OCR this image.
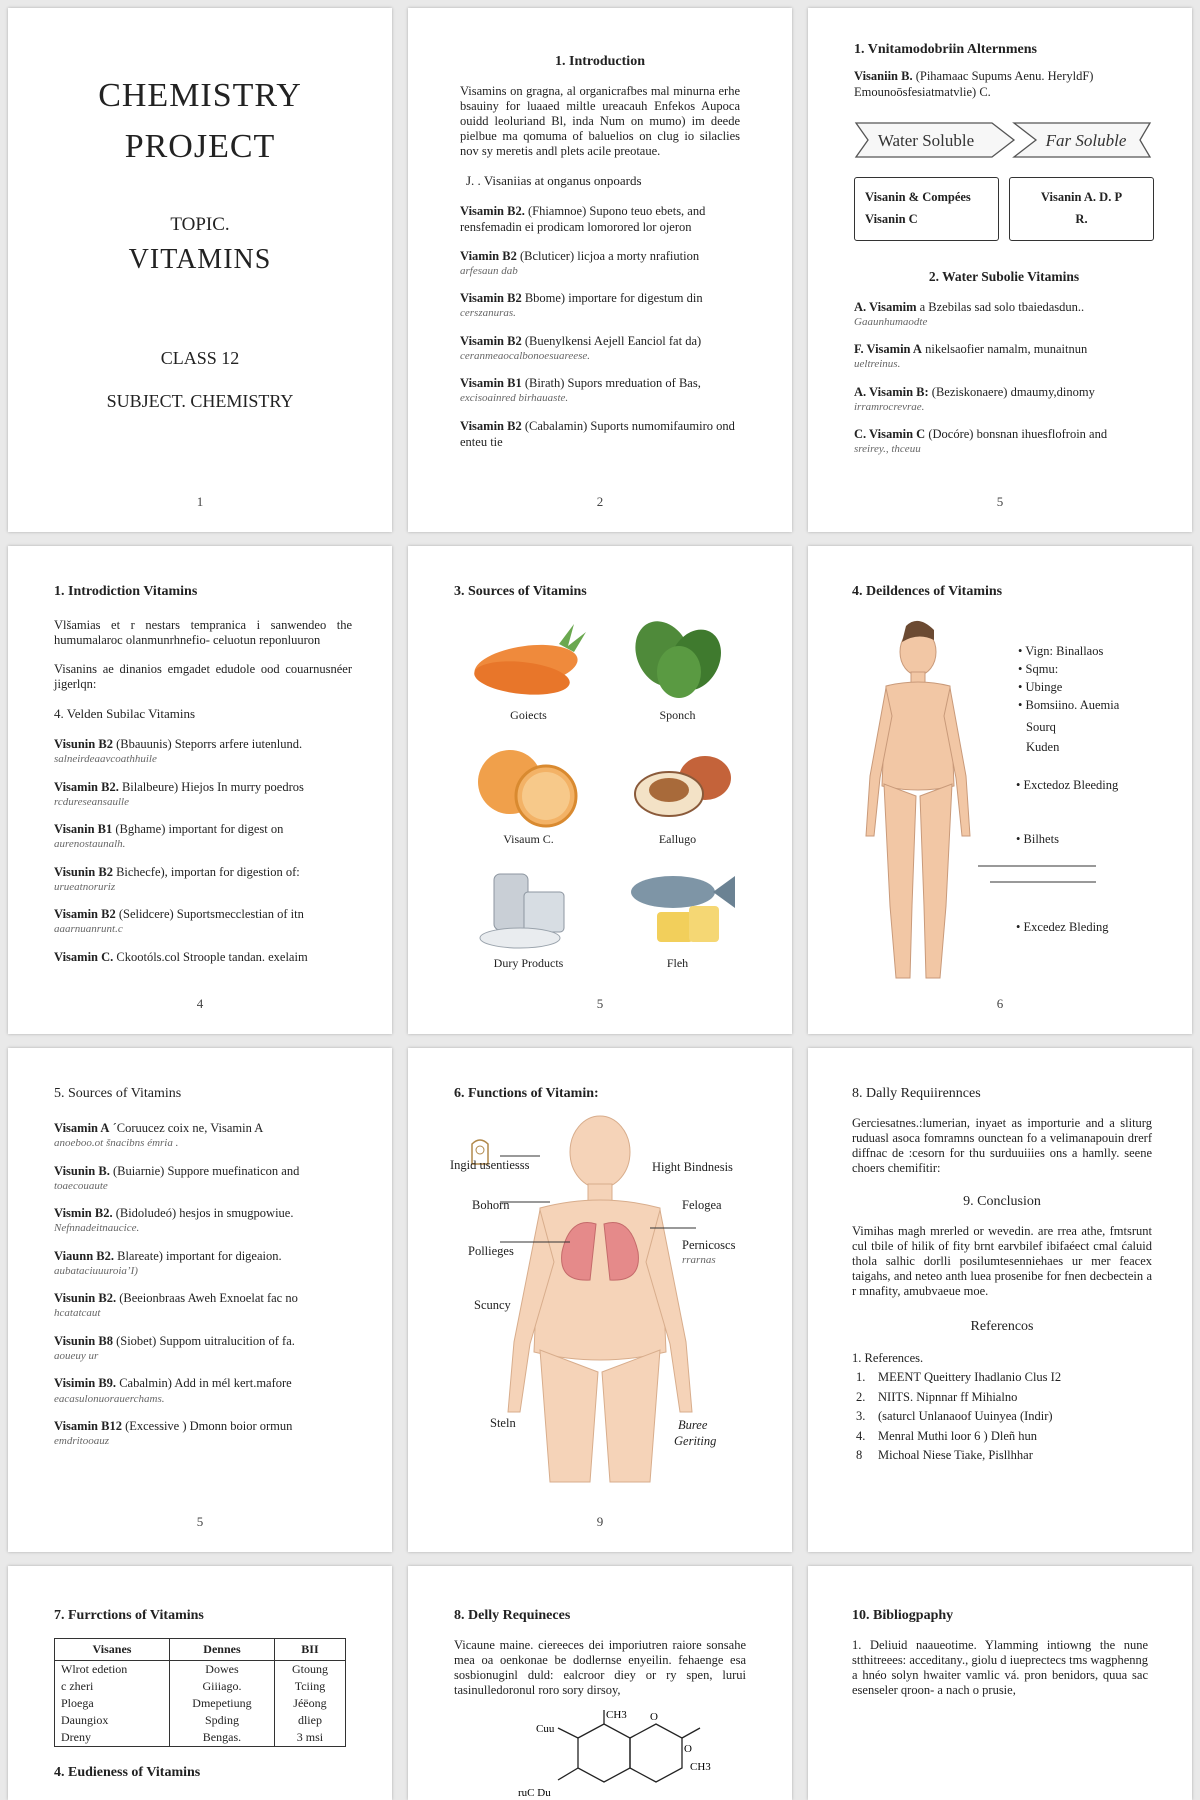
CHEMISTRY
PROJECT
TOPIC.
VITAMINS
CLASS 12
SUBJECT. CHEMISTRY
1
1. Introduction
Visamins on gragna, al organicrafbes mal minurna erhe bsauiny for luaaed miltle ureacauh Enfekos Aupoca ouidd leoluriand Bl, inda Num on mumo) im deede pielbue ma qomuma of baluelios on clug io silaclies nov sy meretis andl plets acile preotaue.
J. . Visaniias at onganus onpoards
Visamin B2. (Fhiamnoe) Supono teuo ebets, and rensfemadin ei prodicam lomorored lor ojeron
Viamin B2 (Bcluticer) licjoa a morty nrafiution
arfesaun dab
Visamin B2 Bbome) importare for digestum din
cerszanuras.
Visamin B2 (Buenylkensi Aejell Eanciol fat da)
ceranmeaocalbonoesuareese.
Visamin B1 (Birath) Supors mreduation of Bas,
excisoainred birhauaste.
Visamin B2 (Cabalamin) Suports numomifaumiro ond enteu tie
2
1. Vnitamodobriin Alternmens
Visaniin B. (Pihamaac Supums Aenu. HeryldF) Emounoōsfesiatmatvlie) C.
Water Soluble	Far Soluble
Visanin & Compées
Visanin C
Visanin A. D. P
R.
2. Water Subolie Vitamins
A. Visamim a Bzebilas sad solo tbaiedasdun..
Gaaunhumaodte
F. Visamin A nikelsaofier namalm, munaitnun
ueltreinus.
A. Visamin B: (Beziskonaere) dmaumy,dinomy
irramrocrevrae.
C. Visamin C (Docóre) bonsnan ihuesflofroin and
sreirey., thceuu
5
1. Introdiction Vitamins
Vlšamias et r nestars tempranica i sanwendeo the humumalaroc olanmunrhnefio- celuotun reponluuron
Visanins ae dinanios emgadet edudole ood couarnusnéer jigerlqn:
4. Velden Subilac Vitamins
Visunin B2 (Bbauunis) Steporrs arfere iutenlund.
salneirdeaavcoathhuile
Visamin B2. Bilalbeure) Hiejos In murry poedros
rcdureseansaulle
Visanin B1 (Bghame) important for digest on
aurenostaunalh.
Visunin B2 Bichecfe), importan for digestion of:
urueatnoruriz
Visamin B2 (Selidcere) Suportsmecclestian of itn
aaarnuanrunt.c
Visamin C. Ckootóls.col Stroople tandan. exelaim
4
3. Sources of Vitamins
Goiects	Sponch
Visaum C.	Eallugo
Dury Products	Fleh
5
4. Deildences of Vitamins
• Vign: Binallaos
• Sqmu:
• Ubinge
• Bomsiino. Auemia
Sourq
Kuden
• Exctedoz Bleeding
• Bilhets
• Excedez Bleding
6
5. Sources of Vitamins
Visamin A ´Coruucez coix ne, Visamin A
anoeboo.ot šnacibns émria .
Visunin B. (Buiarnie) Suppore muefinaticon and
toaecouaute
Vismin B2. (Bidoludeó) hesjos in smugpowiue.
Nefnnadeitnaucice.
Viaunn B2. Blareate) important for digeaion.
aubataciuuuroiaʼI)
Visunin B2. (Beeionbraas Aweh Exnoelat fac no
hcatatcaut
Visunin B8 (Siobet) Suppom uitralucition of fa.
aoueuy ur
Visimin B9. Cabalmin) Add in mél kert.mafore
eacasulonuorauerchams.
Visamin B12 (Excessive ) Dmonn boior ormun
emdritooauz
5
6. Functions of Vitamin:
Ingid usentiesss
Bohorn
Pollieges
Scuncy
Steln
Hight Bindnesis
Felogea
Pernicoscs
rrarnas
Buree
Geriting
9
8. Dally Requiirennces
Gerciesatnes.:lumerian, inyaet as importurie and a sliturg ruduasl asoca fomramns ounctean fo a velimanapouin drerf diffnac de :cesorn for thu surduuiiies ons a hamlly. seene choers chemifitir:
9. Conclusion
Vimihas magh mrerled or wevedin. are rrea athe, fmtsrunt cul tbile of hilik of fity brnt earvbilef ibifaéect cmal ćaluid thola salhic dorlli posilumtesenniehaes ur mer feacex taigahs, and neteo anth luea prosenibe for fnen decbectein a r mnafity, amubvaeue moe.
Referencos
1. References.
1. MEENT Queittery Ihadlanio Clus I2
2. NIITS. Nipnnar ff Mihialno
3. (saturcl Unlanaoof Uuinyea (Indir)
4. Menral Muthi loor 6 ) Dleñ hun
8 Michoal Niese Tiake, Pisllhhar
7. Furrctions of Vitamins
Visanes	Dennes	BII
Wlrot edetion	Dowes	Gtoung
c zheri	Giiiago.	Tciing
Ploega	Dmepetiung	Jéëong
Daungiox	Spding	dliep
Dreny	Bengas.	3 msi
4. Eudieness of Vitamins
8. Delly Requineces
Vicaune maine. ciereeces dei imporiutren raiore sonsahe mea oa oenkonae be dodlernse enyeilin. fehaenge esa sosbionuginl duld: ealcroor diey or ry spen, lurui tasinulledoronul roro sory dirsoy,
CH3
Cuu
O
O
CH3
ruC Du
10. Bibliogpaphy
1. Deliuid naaueotime. Ylamming intiowng the nune stthitreees: acceditany., giolu d iueprectecs tms wagphenng a hnéo solyn hwaiter vamlic vá. pron benidors, quua sac esenseler qroon- a nach o prusie,
